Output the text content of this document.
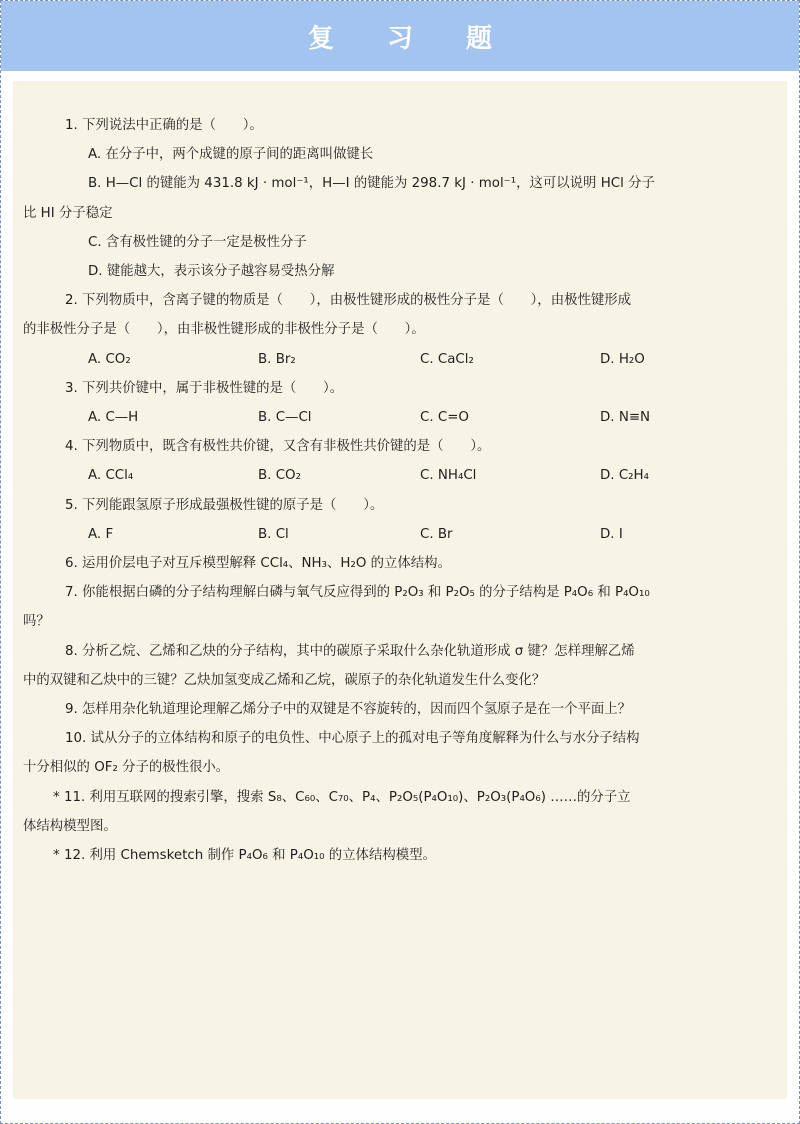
复 习 题
1. 下列说法中正确的是（　　）。
A. 在分子中，两个成键的原子间的距离叫做键长
B. H—Cl 的键能为 431.8 kJ · mol⁻¹，H—I 的键能为 298.7 kJ · mol⁻¹，这可以说明 HCl 分子
比 HI 分子稳定
C. 含有极性键的分子一定是极性分子
D. 键能越大，表示该分子越容易受热分解
2. 下列物质中，含离子键的物质是（　　），由极性键形成的极性分子是（　　），由极性键形成
的非极性分子是（　　），由非极性键形成的非极性分子是（　　）。
A. CO₂	B. Br₂	C. CaCl₂	D. H₂O
3. 下列共价键中，属于非极性键的是（　　）。
A. C—H	B. C—Cl	C. C=O	D. N≡N
4. 下列物质中，既含有极性共价键，又含有非极性共价键的是（　　）。
A. CCl₄	B. CO₂	C. NH₄Cl	D. C₂H₄
5. 下列能跟氢原子形成最强极性键的原子是（　　）。
A. F	B. Cl	C. Br	D. I
6. 运用价层电子对互斥模型解释 CCl₄、NH₃、H₂O 的立体结构。
7. 你能根据白磷的分子结构理解白磷与氧气反应得到的 P₂O₃ 和 P₂O₅ 的分子结构是 P₄O₆ 和 P₄O₁₀
吗？
8. 分析乙烷、乙烯和乙炔的分子结构，其中的碳原子采取什么杂化轨道形成 σ 键？怎样理解乙烯
中的双键和乙炔中的三键？乙炔加氢变成乙烯和乙烷，碳原子的杂化轨道发生什么变化？
9. 怎样用杂化轨道理论理解乙烯分子中的双键是不容旋转的，因而四个氢原子是在一个平面上？
10. 试从分子的立体结构和原子的电负性、中心原子上的孤对电子等角度解释为什么与水分子结构
十分相似的 OF₂ 分子的极性很小。
* 11. 利用互联网的搜索引擎，搜索 S₈、C₆₀、C₇₀、P₄、P₂O₅(P₄O₁₀)、P₂O₃(P₄O₆) ……的分子立
体结构模型图。
* 12. 利用 Chemsketch 制作 P₄O₆ 和 P₄O₁₀ 的立体结构模型。
